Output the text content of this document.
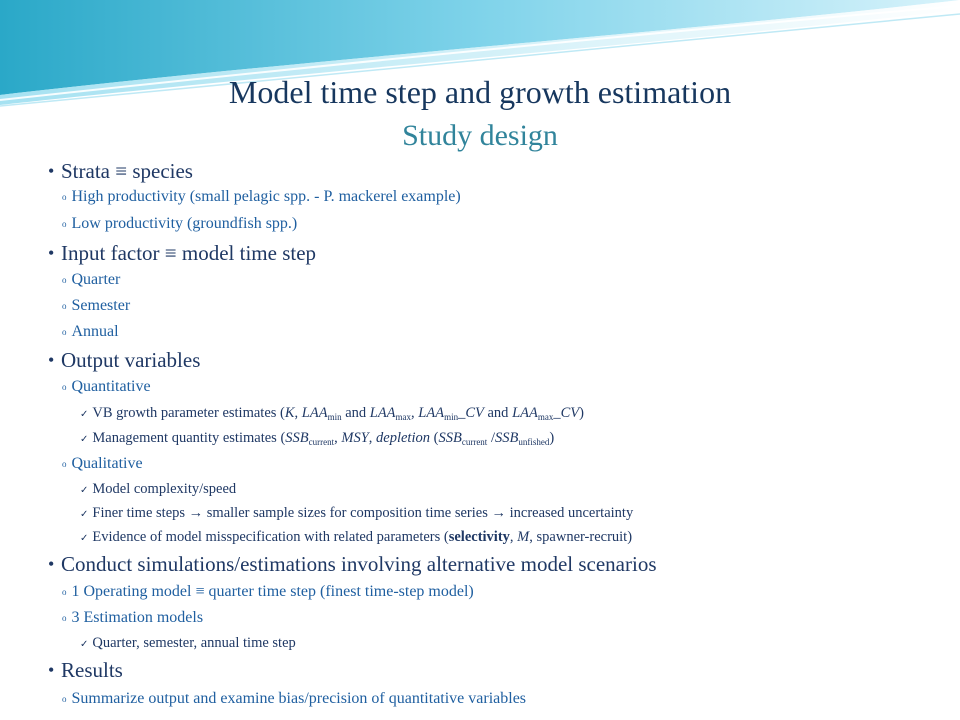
Model time step and growth estimation
Study design
• Strata ≡ species
o High productivity (small pelagic spp. - P. mackerel example)
o Low productivity (groundfish spp.)
• Input factor ≡ model time step
o Quarter
o Semester
o Annual
• Output variables
o Quantitative
✓ VB growth parameter estimates (K, $LAA_{min}$ and $LAA_{max}$, $LAA_{min}\_CV$ and $LAA_{max}\_CV$)
✓ Management quantity estimates ($SSB_{current}$, MSY, depletion ($SSB_{current}$ $/SSB_{unfished}$)
o Qualitative
✓ Model complexity/speed
✓ Finer time steps → smaller sample sizes for composition time series → increased uncertainty
✓ Evidence of model misspecification with related parameters (selectivity, M, spawner-recruit)
• Conduct simulations/estimations involving alternative model scenarios
o 1 Operating model ≡ quarter time step (finest time-step model)
o 3 Estimation models
✓ Quarter, semester, annual time step
• Results
o Summarize output and examine bias/precision of quantitative variables
